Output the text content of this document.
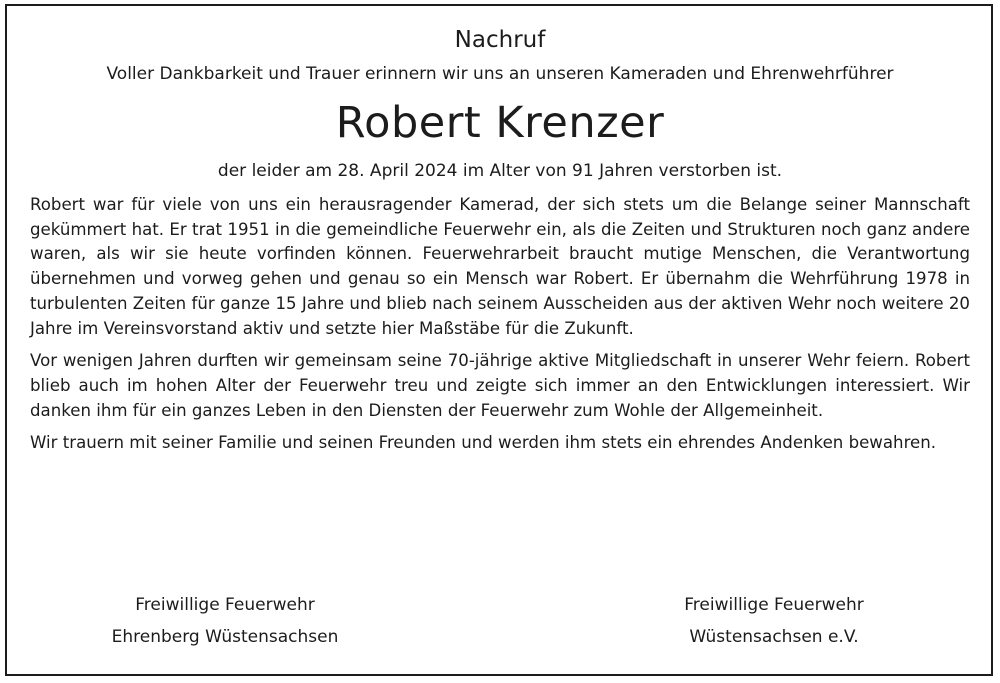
Nachruf
Voller Dankbarkeit und Trauer erinnern wir uns an unseren Kameraden und Ehrenwehrführer
Robert Krenzer
der leider am 28. April 2024 im Alter von 91 Jahren verstorben ist.

Robert war für viele von uns ein herausragender Kamerad, der sich stets um die Belange seiner Mannschaft gekümmert hat. Er trat 1951 in die gemeindliche Feuerwehr ein, als die Zeiten und Strukturen noch ganz andere waren, als wir sie heute vorfinden können. Feuerwehrarbeit braucht mutige Menschen, die Verantwortung übernehmen und vorweg gehen und genau so ein Mensch war Robert. Er übernahm die Wehrführung 1978 in turbulenten Zeiten für ganze 15 Jahre und blieb nach seinem Ausscheiden aus der aktiven Wehr noch weitere 20 Jahre im Vereinsvorstand aktiv und setzte hier Maßstäbe für die Zukunft.

Vor wenigen Jahren durften wir gemeinsam seine 70-jährige aktive Mitgliedschaft in unserer Wehr feiern. Robert blieb auch im hohen Alter der Feuerwehr treu und zeigte sich immer an den Entwicklungen interessiert. Wir danken ihm für ein ganzes Leben in den Diensten der Feuerwehr zum Wohle der Allgemeinheit.

Wir trauern mit seiner Familie und seinen Freunden und werden ihm stets ein ehrendes Andenken bewahren.

Freiwillige Feuerwehr
Ehrenberg Wüstensachsen
Freiwillige Feuerwehr
Wüstensachsen e.V.
